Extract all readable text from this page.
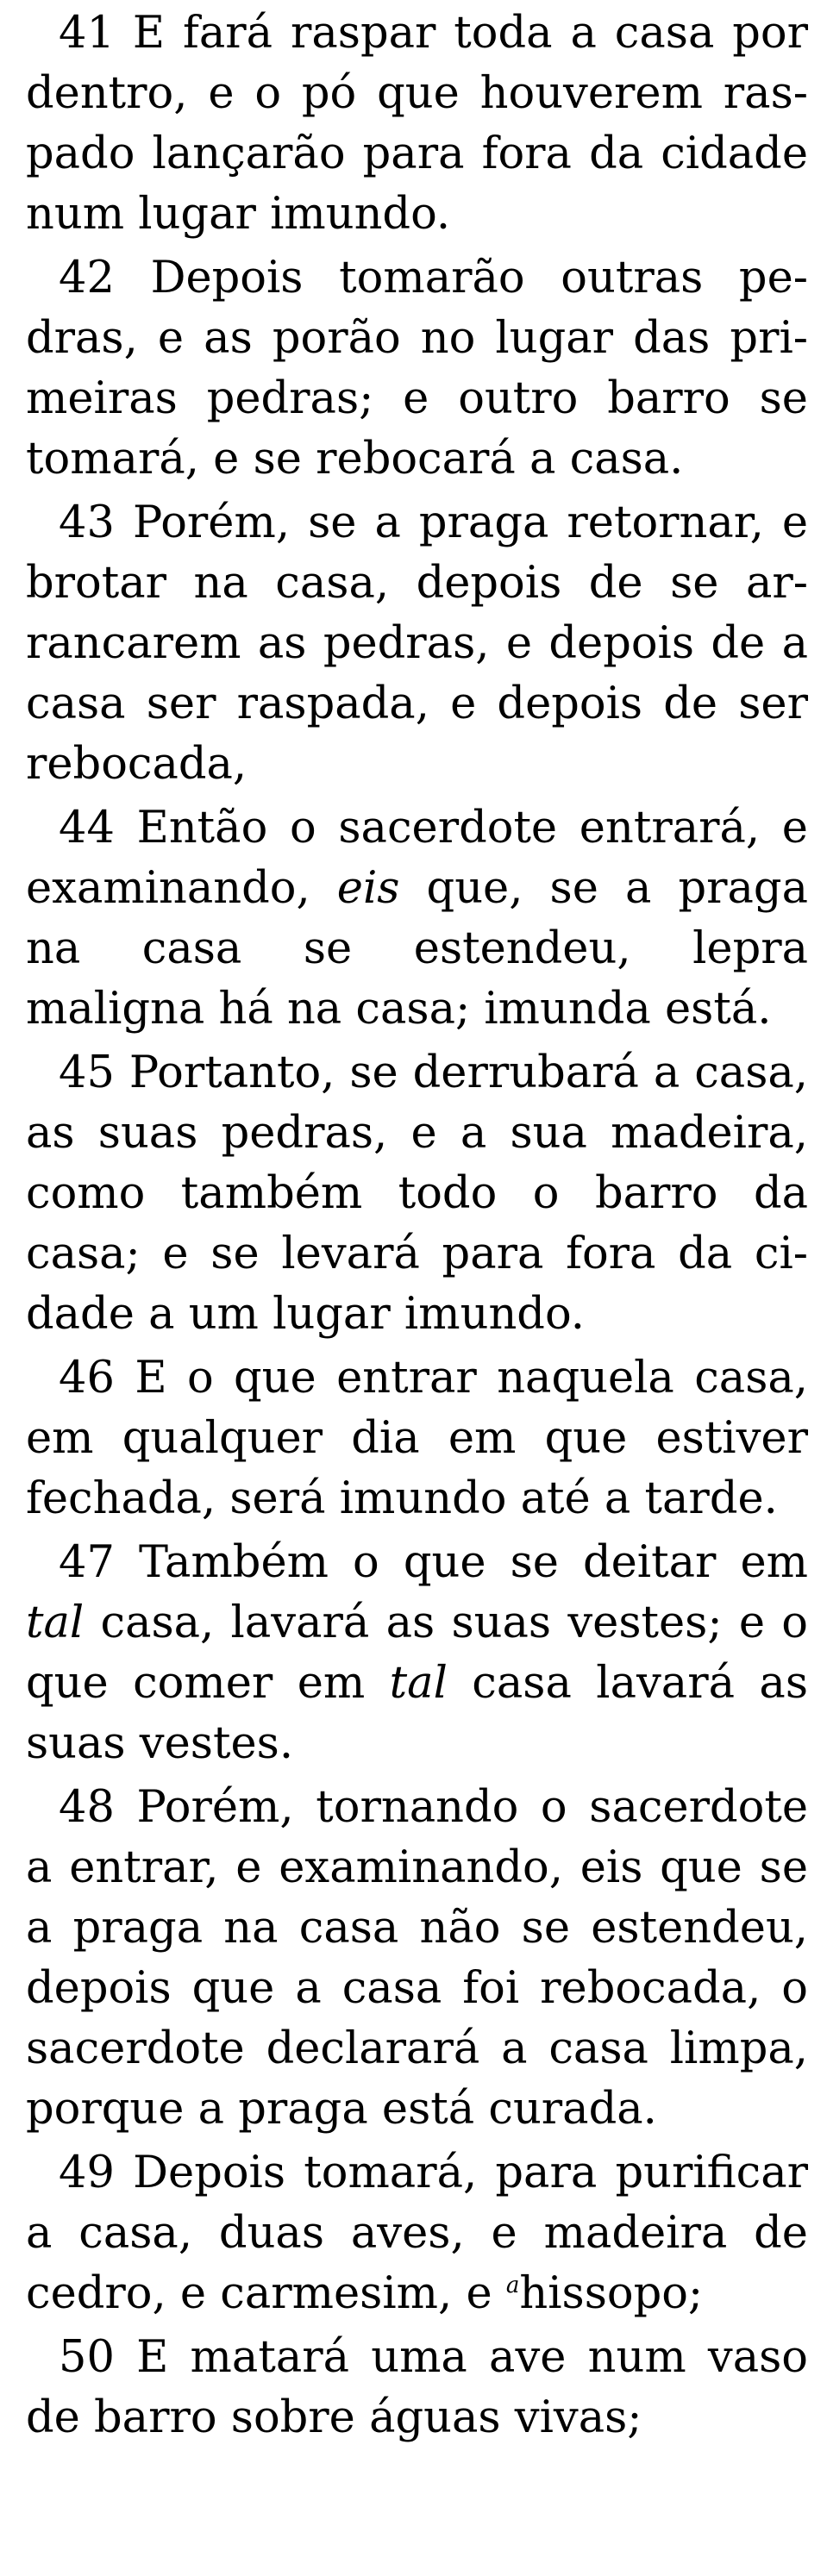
41 E fará raspar toda a casa por dentro, e o pó que houverem raspado lançarão para fora da cidade num lugar imundo.

42 Depois tomarão outras pedras, e as porão no lugar das primeiras pedras; e outro barro se tomará, e se rebocará a casa.

43 Porém, se a praga retornar, e brotar na casa, depois de se arrancarem as pedras, e depois de a casa ser raspada, e depois de ser rebocada,

44 Então o sacerdote entrará, e examinando, eis que, se a praga na casa se estendeu, lepra maligna há na casa; imunda está.

45 Portanto, se derrubará a casa, as suas pedras, e a sua madeira, como também todo o barro da casa; e se levará para fora da cidade a um lugar imundo.

46 E o que entrar naquela casa, em qualquer dia em que estiver fechada, será imundo até a tarde.

47 Também o que se deitar em tal casa, lavará as suas vestes; e o que comer em tal casa lavará as suas vestes.

48 Porém, tornando o sacerdote a entrar, e examinando, eis que se a praga na casa não se estendeu, depois que a casa foi rebocada, o sacerdote declarará a casa limpa, porque a praga está curada.

49 Depois tomará, para purificar a casa, duas aves, e madeira de cedro, e carmesim, e $^a$hissopo;

50 E matará uma ave num vaso de barro sobre águas vivas;
